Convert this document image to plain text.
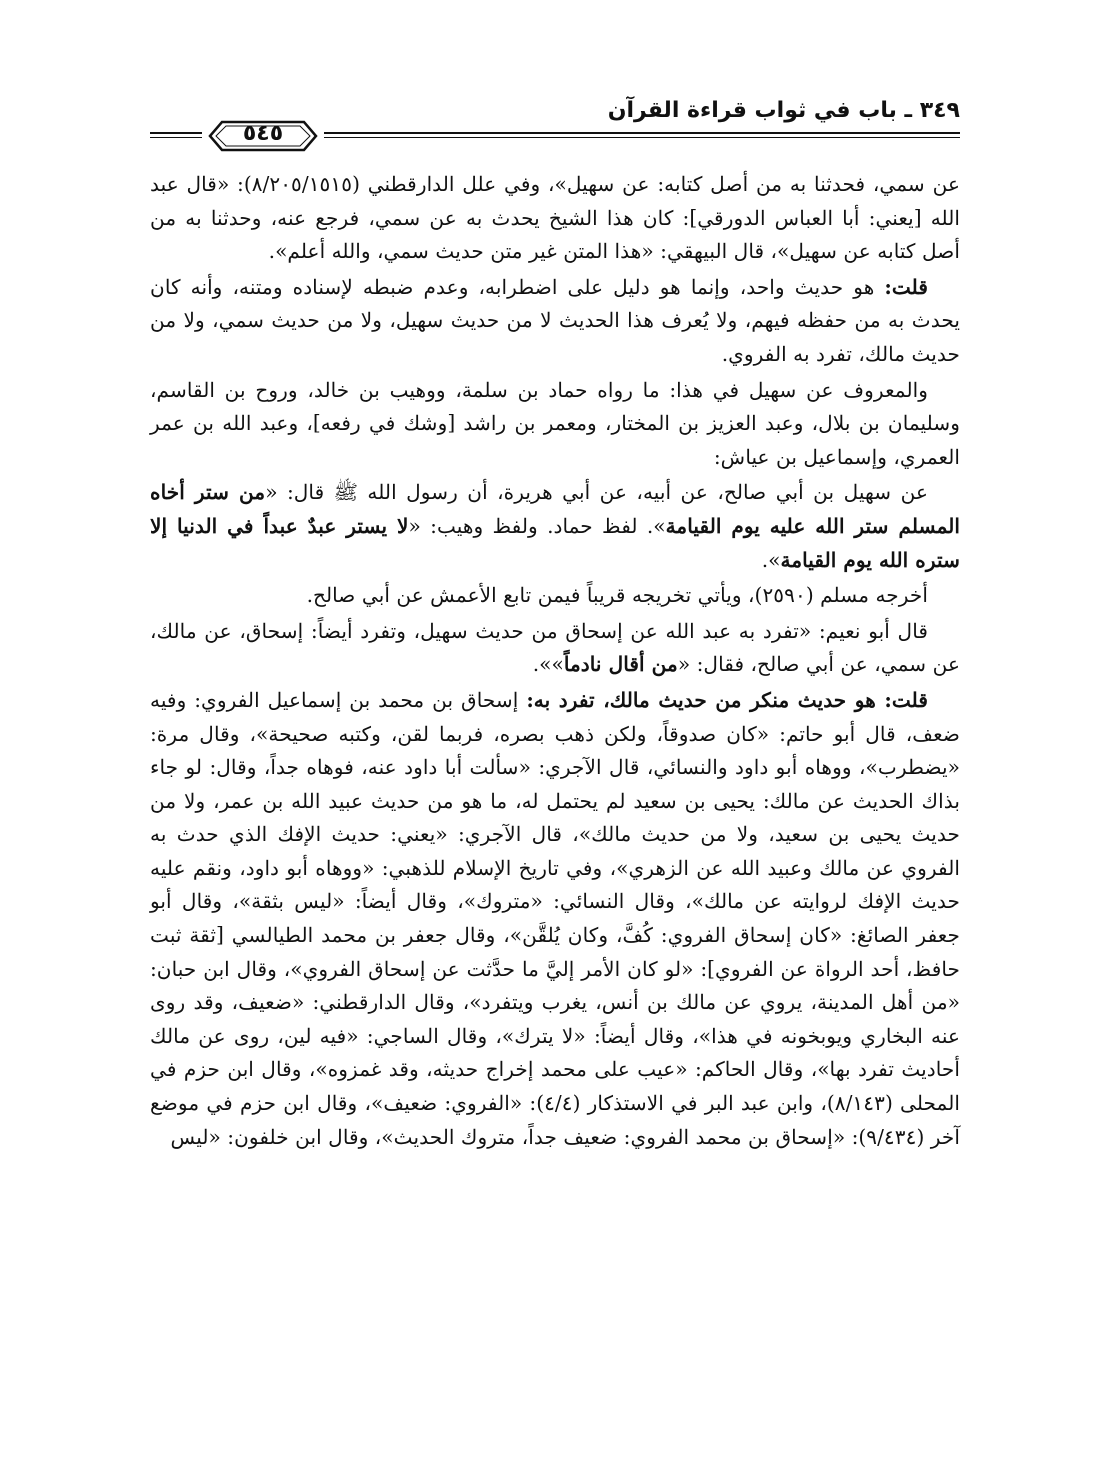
٣٤٩ ـ باب في ثواب قراءة القرآن
٥٤٥

عن سمي، فحدثنا به من أصل كتابه: عن سهيل»، وفي علل الدارقطني (٨/٢٠٥/١٥١٥): «قال عبد الله [يعني: أبا العباس الدورقي]: كان هذا الشيخ يحدث به عن سمي، فرجع عنه، وحدثنا به من أصل كتابه عن سهيل»، قال البيهقي: «هذا المتن غير متن حديث سمي، والله أعلم».

قلت: هو حديث واحد، وإنما هو دليل على اضطرابه، وعدم ضبطه لإسناده ومتنه، وأنه كان يحدث به من حفظه فيهم، ولا يُعرف هذا الحديث لا من حديث سهيل، ولا من حديث سمي، ولا من حديث مالك، تفرد به الفروي.

والمعروف عن سهيل في هذا: ما رواه حماد بن سلمة، ووهيب بن خالد، وروح بن القاسم، وسليمان بن بلال، وعبد العزيز بن المختار، ومعمر بن راشد [وشك في رفعه]، وعبد الله بن عمر العمري، وإسماعيل بن عياش:

عن سهيل بن أبي صالح، عن أبيه، عن أبي هريرة، أن رسول الله ﷺ قال: «من ستر أخاه المسلم ستر الله عليه يوم القيامة». لفظ حماد. ولفظ وهيب: «لا يستر عبدٌ عبداً في الدنيا إلا ستره الله يوم القيامة».

أخرجه مسلم (٢٥٩٠)، ويأتي تخريجه قريباً فيمن تابع الأعمش عن أبي صالح.

قال أبو نعيم: «تفرد به عبد الله عن إسحاق من حديث سهيل، وتفرد أيضاً: إسحاق، عن مالك، عن سمي، عن أبي صالح، فقال: «من أقال نادماً»».

قلت: هو حديث منكر من حديث مالك، تفرد به: إسحاق بن محمد بن إسماعيل الفروي: وفيه ضعف، قال أبو حاتم: «كان صدوقاً، ولكن ذهب بصره، فربما لقن، وكتبه صحيحة»، وقال مرة: «يضطرب»، ووهاه أبو داود والنسائي، قال الآجري: «سألت أبا داود عنه، فوهاه جداً، وقال: لو جاء بذاك الحديث عن مالك: يحيى بن سعيد لم يحتمل له، ما هو من حديث عبيد الله بن عمر، ولا من حديث يحيى بن سعيد، ولا من حديث مالك»، قال الآجري: «يعني: حديث الإفك الذي حدث به الفروي عن مالك وعبيد الله عن الزهري»، وفي تاريخ الإسلام للذهبي: «ووهاه أبو داود، ونقم عليه حديث الإفك لروايته عن مالك»، وقال النسائي: «متروك»، وقال أيضاً: «ليس بثقة»، وقال أبو جعفر الصائغ: «كان إسحاق الفروي: كُفَّ، وكان يُلقَّن»، وقال جعفر بن محمد الطيالسي [ثقة ثبت حافظ، أحد الرواة عن الفروي]: «لو كان الأمر إليَّ ما حدَّثت عن إسحاق الفروي»، وقال ابن حبان: «من أهل المدينة، يروي عن مالك بن أنس، يغرب ويتفرد»، وقال الدارقطني: «ضعيف، وقد روى عنه البخاري ويوبخونه في هذا»، وقال أيضاً: «لا يترك»، وقال الساجي: «فيه لين، روى عن مالك أحاديث تفرد بها»، وقال الحاكم: «عيب على محمد إخراج حديثه، وقد غمزوه»، وقال ابن حزم في المحلى (٨/١٤٣)، وابن عبد البر في الاستذكار (٤/٤): «الفروي: ضعيف»، وقال ابن حزم في موضع آخر (٩/٤٣٤): «إسحاق بن محمد الفروي: ضعيف جداً، متروك الحديث»، وقال ابن خلفون: «ليس
